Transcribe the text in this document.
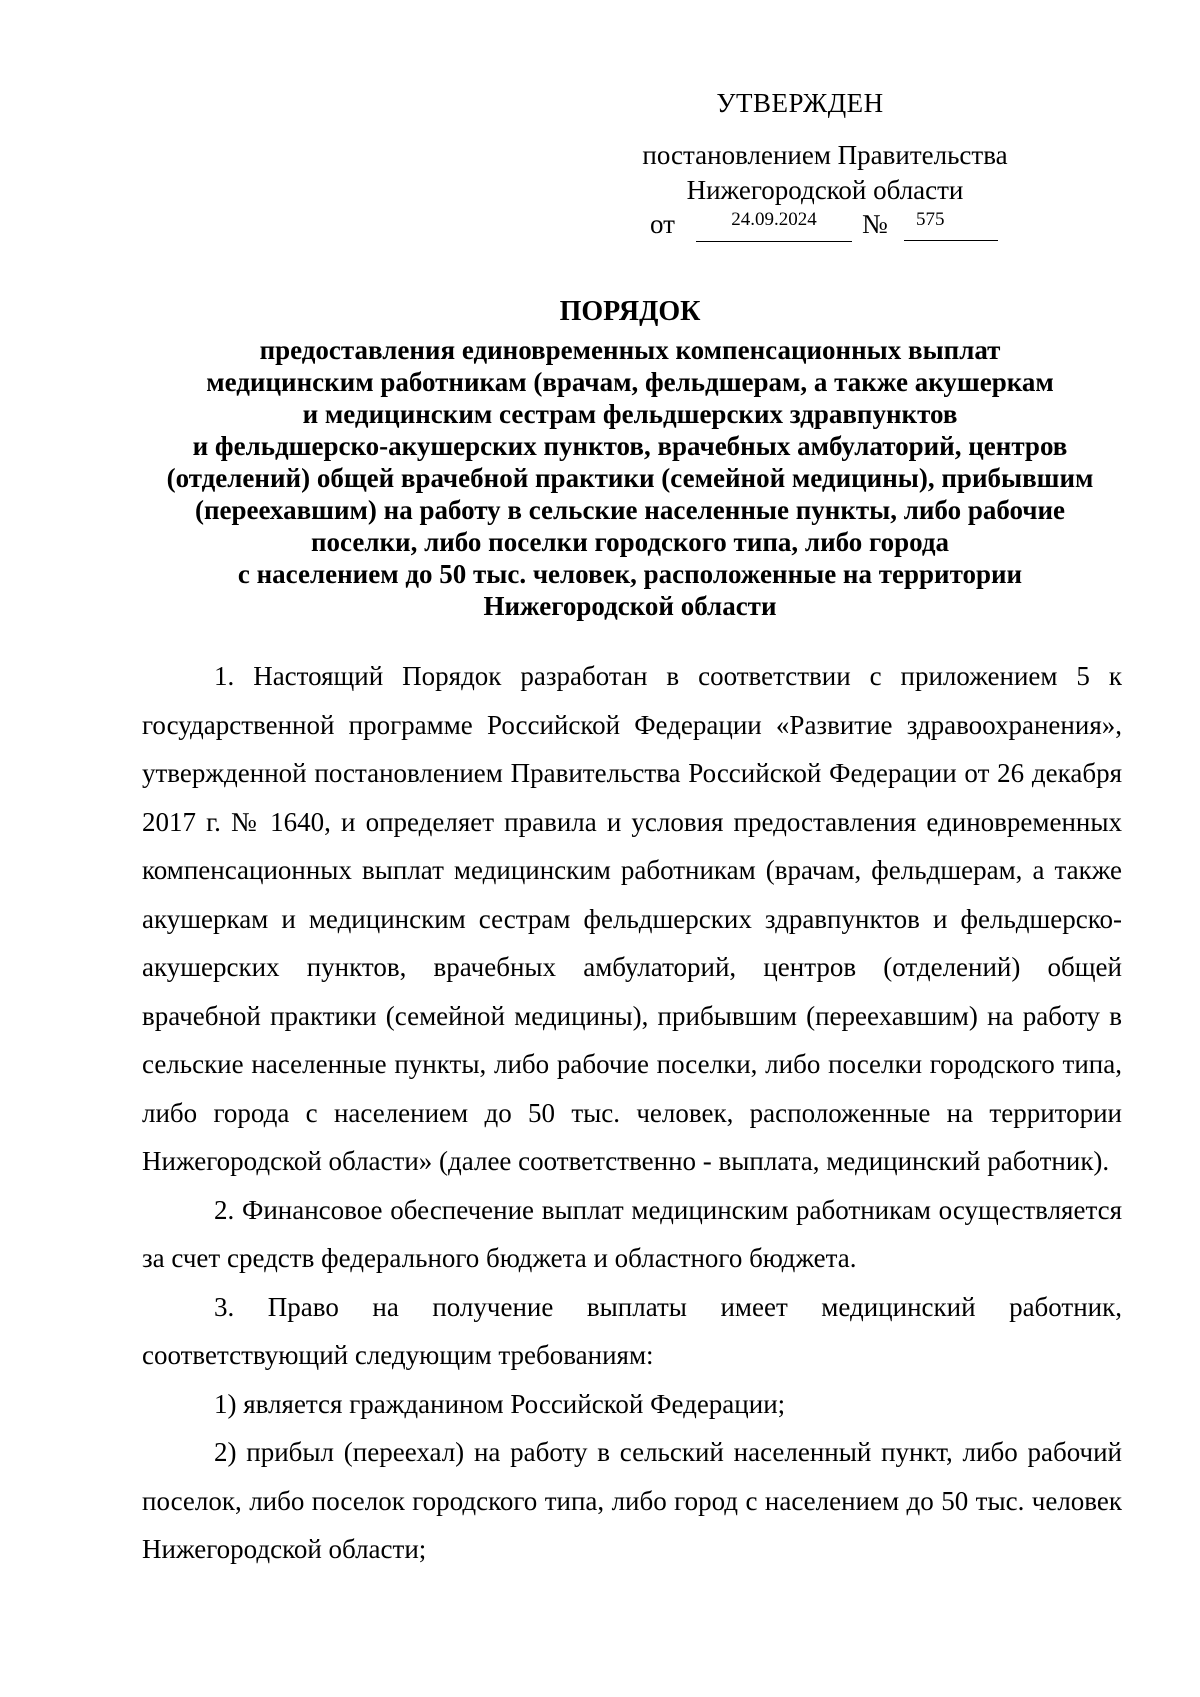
УТВЕРЖДЕН
постановлением Правительства
Нижегородской области
от	24.09.2024	№	575
ПОРЯДОК
предоставления единовременных компенсационных выплат
медицинским работникам (врачам, фельдшерам, а также акушеркам
и медицинским сестрам фельдшерских здравпунктов
и фельдшерско-акушерских пунктов, врачебных амбулаторий, центров
(отделений) общей врачебной практики (семейной медицины), прибывшим
(переехавшим) на работу в сельские населенные пункты, либо рабочие
поселки, либо поселки городского типа, либо города
с населением до 50 тыс. человек, расположенные на территории
Нижегородской области

1. Настоящий Порядок разработан в соответствии с приложением 5 к государственной программе Российской Федерации «Развитие здравоохранения», утвержденной постановлением Правительства Российской Федерации от 26 декабря 2017 г. № 1640, и определяет правила и условия предоставления единовременных компенсационных выплат медицинским работникам (врачам, фельдшерам, а также акушеркам и медицинским сестрам фельдшерских здравпунктов и фельдшерско-акушерских пунктов, врачебных амбулаторий, центров (отделений) общей врачебной практики (семейной медицины), прибывшим (переехавшим) на работу в сельские населенные пункты, либо рабочие поселки, либо поселки городского типа, либо города с населением до 50 тыс. человек, расположенные на территории Нижегородской области» (далее соответственно - выплата, медицинский работник).

2. Финансовое обеспечение выплат медицинским работникам осуществляется за счет средств федерального бюджета и областного бюджета.

3. Право на получение выплаты имеет медицинский работник, соответствующий следующим требованиям:

1) является гражданином Российской Федерации;

2) прибыл (переехал) на работу в сельский населенный пункт, либо рабочий поселок, либо поселок городского типа, либо город с населением до 50 тыс. человек Нижегородской области;
